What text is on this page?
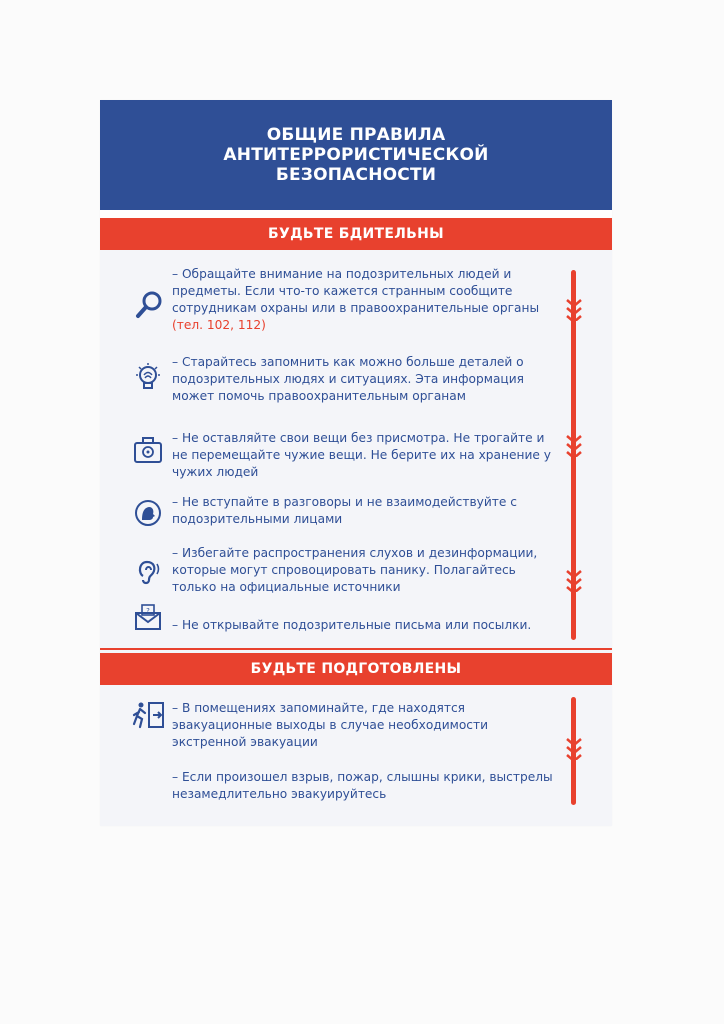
ОБЩИЕ ПРАВИЛА
АНТИТЕРРОРИСТИЧЕСКОЙ
БЕЗОПАСНОСТИ
БУДЬТЕ БДИТЕЛЬНЫ
– Обращайте внимание на подозрительных людей и предметы. Если что-то кажется странным сообщите сотрудникам охраны или в правоохранительные органы (тел. 102, 112)
– Старайтесь запомнить как можно больше деталей о подозрительных людях и ситуациях. Эта информация может помочь правоохранительным органам
– Не оставляйте свои вещи без присмотра. Не трогайте и не перемещайте чужие вещи. Не берите их на хранение у чужих людей
– Не вступайте в разговоры и не взаимодействуйте с подозрительными лицами
– Избегайте распространения слухов и дезинформации, которые могут спровоцировать панику. Полагайтесь только на официальные источники
?
– Не открывайте подозрительные письма или посылки.
БУДЬТЕ ПОДГОТОВЛЕНЫ
– В помещениях запоминайте, где находятся эвакуационные выходы в случае необходимости экстренной эвакуации
– Если произошел взрыв, пожар, слышны крики, выстрелы незамедлительно эвакуируйтесь
